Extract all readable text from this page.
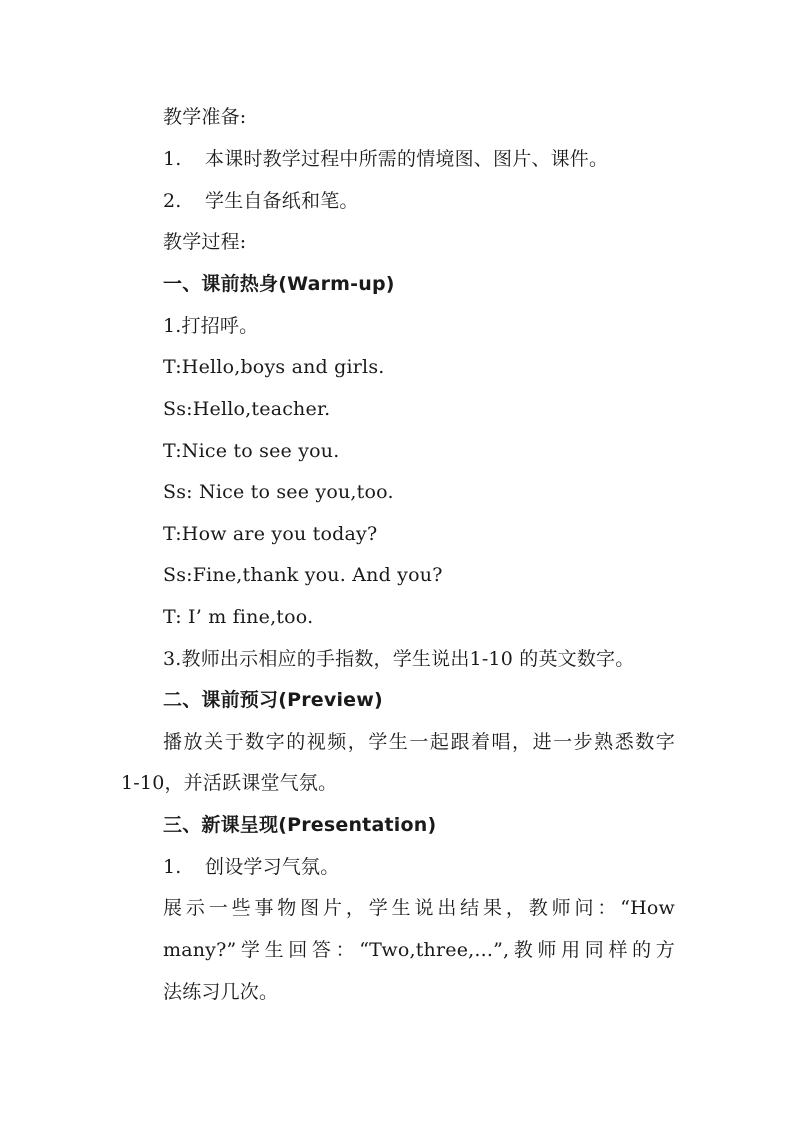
教学准备:
1. 本课时教学过程中所需的情境图、图片、课件。
2. 学生自备纸和笔。
教学过程:
一、课前热身(Warm-up)
1.打招呼。
T:Hello,boys and girls.
Ss:Hello,teacher.
T:Nice to see you.
Ss: Nice to see you,too.
T:How are you today?
Ss:Fine,thank you. And you?
T: I’ m fine,too.
3.教师出示相应的手指数，学生说出1-10 的英文数字。
二、课前预习(Preview)
播放关于数字的视频，学生一起跟着唱，进一步熟悉数字
1-10，并活跃课堂气氛。
三、新课呈现(Presentation)
1. 创设学习气氛。
展示一些事物图片，学生说出结果，教师问：“How
many?”学生回答：“Two,three,...”,教师用同样的方
法练习几次。
